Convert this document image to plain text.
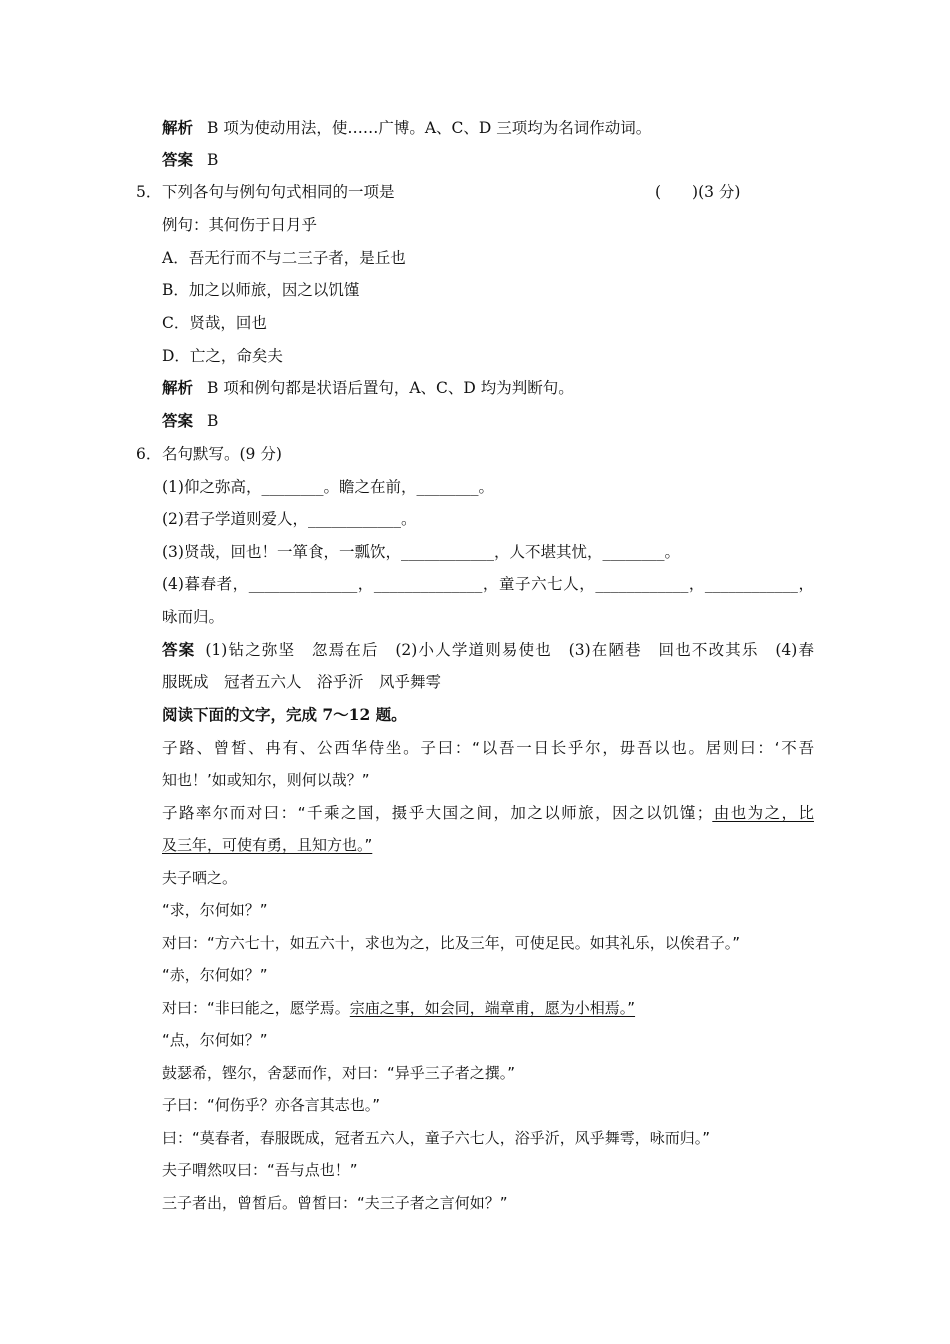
解析 B 项为使动用法，使……广博。A、C、D 三项均为名词作动词。
答案 B
5． 下列各句与例句句式相同的一项是	(　　)(3 分)
例句：其何伤于日月乎
A．吾无行而不与二三子者，是丘也
B．加之以师旅，因之以饥馑
C．贤哉，回也
D．亡之，命矣夫
解析 B 项和例句都是状语后置句，A、C、D 均为判断句。
答案 B
6． 名句默写。(9 分)
(1)仰之弥高，________。瞻之在前，________。
(2)君子学道则爱人，____________。
(3)贤哉，回也！一箪食，一瓢饮，____________，人不堪其忧，________。
(4)暮春者，______________，______________，童子六七人，____________，____________，
咏而归。
答案 (1)钻之弥坚　忽焉在后　(2)小人学道则易使也　(3)在陋巷　回也不改其乐　(4)春
服既成　冠者五六人　浴乎沂　风乎舞雩
阅读下面的文字，完成 7～12 题。
子路、曾皙、冉有、公西华侍坐。子曰：“以吾一日长乎尔，毋吾以也。居则曰：‘不吾
知也！’如或知尔，则何以哉？”
子路率尔而对曰：“千乘之国，摄乎大国之间，加之以师旅，因之以饥馑；由也为之，比
及三年，可使有勇，且知方也。”
夫子哂之。
“求，尔何如？”
对曰：“方六七十，如五六十，求也为之，比及三年，可使足民。如其礼乐，以俟君子。”
“赤，尔何如？”
对曰：“非曰能之，愿学焉。宗庙之事，如会同，端章甫，愿为小相焉。”
“点，尔何如？”
鼓瑟希，铿尔，舍瑟而作，对曰：“异乎三子者之撰。”
子曰：“何伤乎？亦各言其志也。”
曰：“莫春者，春服既成，冠者五六人，童子六七人，浴乎沂，风乎舞雩，咏而归。”
夫子喟然叹曰：“吾与点也！”
三子者出，曾皙后。曾皙曰：“夫三子者之言何如？”
